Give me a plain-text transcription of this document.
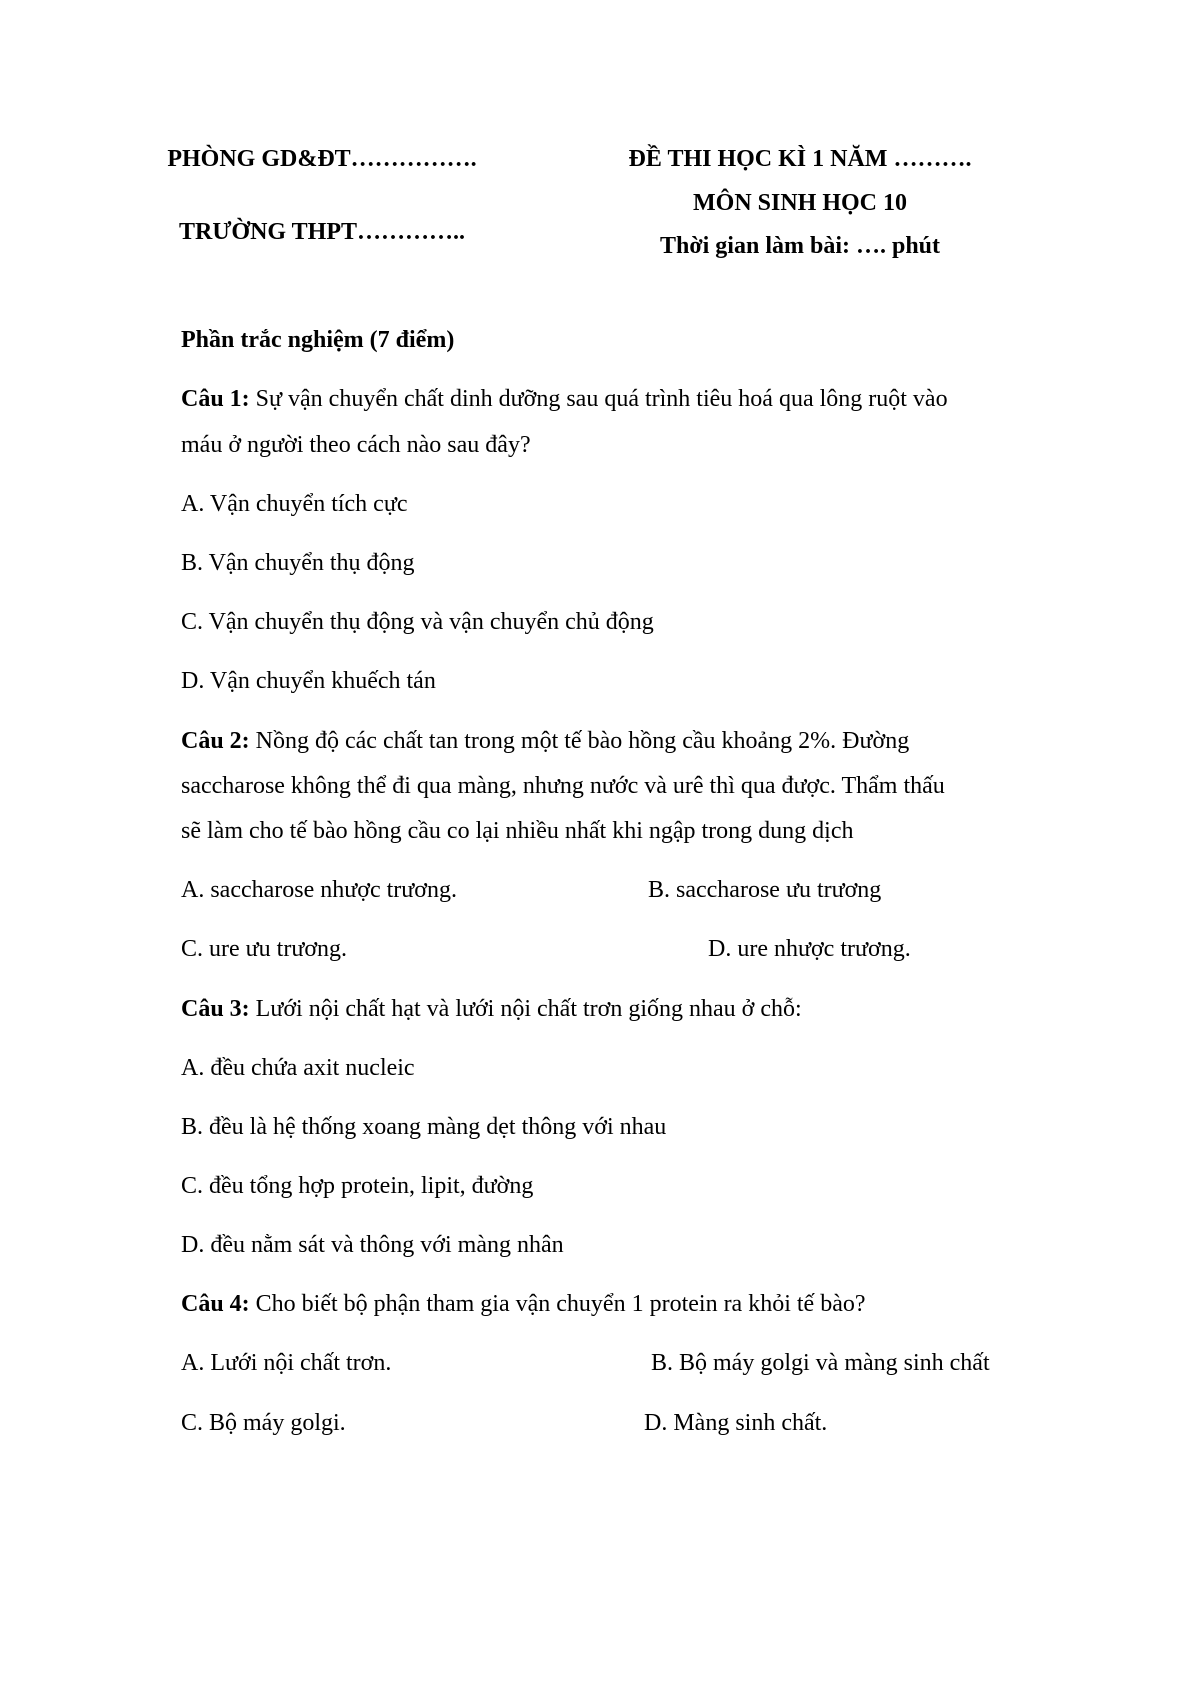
PHÒNG GD&ĐT…………….
TRƯỜNG THPT…………..
ĐỀ THI HỌC KÌ 1 NĂM ……….
MÔN SINH HỌC 10
Thời gian làm bài: …. phút
Phần trắc nghiệm (7 điểm)
Câu 1: Sự vận chuyển chất dinh dưỡng sau quá trình tiêu hoá qua lông ruột vào
máu ở người theo cách nào sau đây?
A. Vận chuyển tích cực
B. Vận chuyển thụ động
C. Vận chuyển thụ động và vận chuyển chủ động
D. Vận chuyển khuếch tán
Câu 2: Nồng độ các chất tan trong một tế bào hồng cầu khoảng 2%. Đường
saccharose không thể đi qua màng, nhưng nước và urê thì qua được. Thẩm thấu
sẽ làm cho tế bào hồng cầu co lại nhiều nhất khi ngập trong dung dịch
A. saccharose nhược trương.	B. saccharose ưu trương
C. ure ưu trương.	D. ure nhược trương.
Câu 3: Lưới nội chất hạt và lưới nội chất trơn giống nhau ở chỗ:
A. đều chứa axit nucleic
B. đều là hệ thống xoang màng dẹt thông với nhau
C. đều tổng hợp protein, lipit, đường
D. đều nằm sát và thông với màng nhân
Câu 4: Cho biết bộ phận tham gia vận chuyển 1 protein ra khỏi tế bào?
A. Lưới nội chất trơn.	B. Bộ máy golgi và màng sinh chất
C. Bộ máy golgi.	D. Màng sinh chất.
